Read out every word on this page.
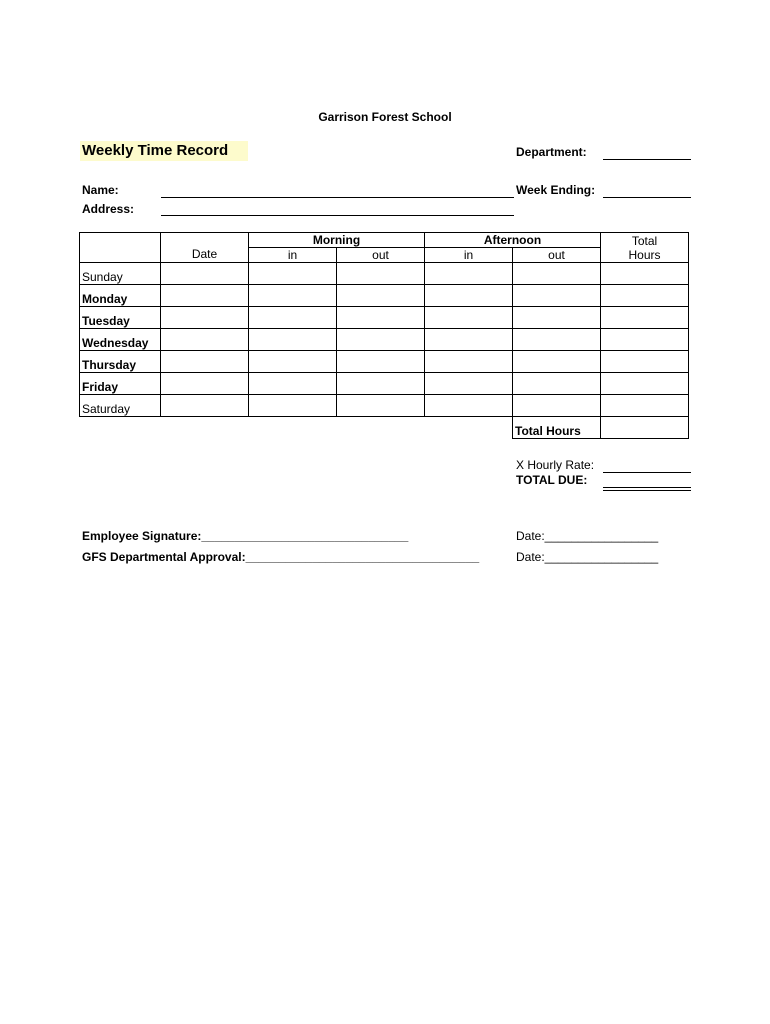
Garrison Forest School
Weekly Time Record	Department:
Name:	Week Ending:
Address:
	Date	Morning		Afternoon		Total
Hours

		in	out	in	out	
Sunday						
Monday						
Tuesday						
Wednesday						
Thursday						
Friday						
Saturday						
					Total Hours	
X Hourly Rate:
TOTAL DUE:
Employee Signature:_______________________________	Date:_________________
GFS Departmental Approval:___________________________________	Date:_________________
